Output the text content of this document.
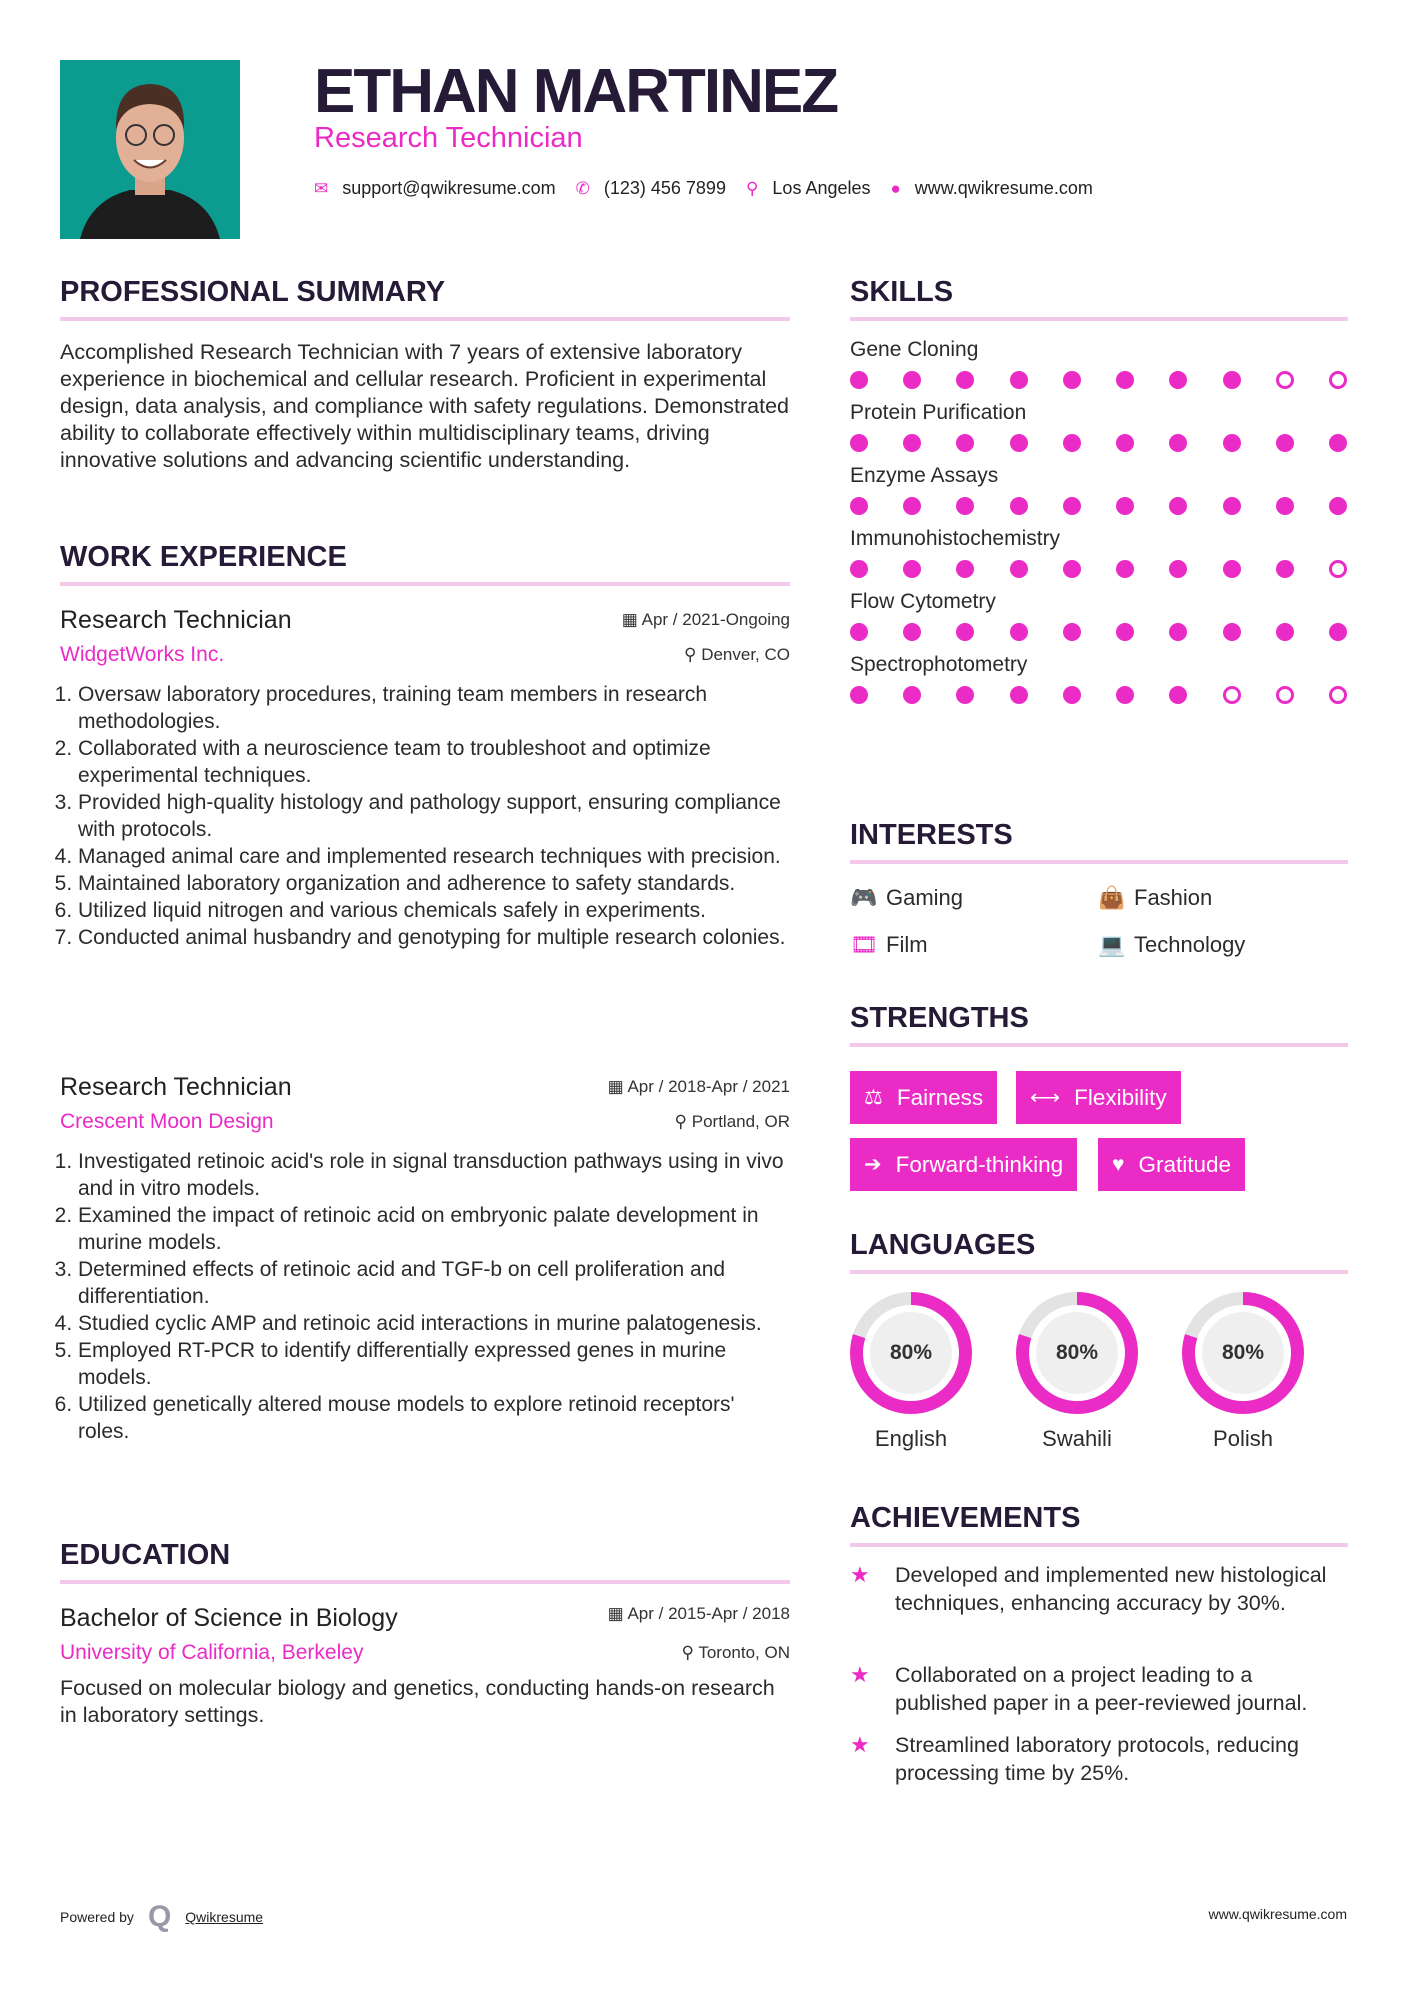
ETHAN MARTINEZ
Research Technician
✉ support@qwikresume.com ✆ (123) 456 7899 ⚲ Los Angeles ● www.qwikresume.com
PROFESSIONAL SUMMARY

Accomplished Research Technician with 7 years of extensive laboratory experience in biochemical and cellular research. Proficient in experimental design, data analysis, and compliance with safety regulations. Demonstrated ability to collaborate effectively within multidisciplinary teams, driving innovative solutions and advancing scientific understanding.

WORK EXPERIENCE
Research Technician	▦ Apr / 2021-Ongoing
WidgetWorks Inc.	⚲ Denver, CO
1. Oversaw laboratory procedures, training team members in research methodologies.
2. Collaborated with a neuroscience team to troubleshoot and optimize experimental techniques.
3. Provided high-quality histology and pathology support, ensuring compliance with protocols.
4. Managed animal care and implemented research techniques with precision.
5. Maintained laboratory organization and adherence to safety standards.
6. Utilized liquid nitrogen and various chemicals safely in experiments.
7. Conducted animal husbandry and genotyping for multiple research colonies.
Research Technician	▦ Apr / 2018-Apr / 2021
Crescent Moon Design	⚲ Portland, OR
1. Investigated retinoic acid's role in signal transduction pathways using in vivo and in vitro models.
2. Examined the impact of retinoic acid on embryonic palate development in murine models.
3. Determined effects of retinoic acid and TGF-b on cell proliferation and differentiation.
4. Studied cyclic AMP and retinoic acid interactions in murine palatogenesis.
5. Employed RT-PCR to identify differentially expressed genes in murine models.
6. Utilized genetically altered mouse models to explore retinoid receptors' roles.
EDUCATION
Bachelor of Science in Biology	▦ Apr / 2015-Apr / 2018
University of California, Berkeley	⚲ Toronto, ON

Focused on molecular biology and genetics, conducting hands-on research in laboratory settings.

SKILLS
Gene Cloning
Protein Purification
Enzyme Assays
Immunohistochemistry
Flow Cytometry
Spectrophotometry
INTERESTS
🎮 Gaming	👜 Fashion
🎞 Film	💻 Technology
STRENGTHS
⚖ Fairness ⟷ Flexibility
➔ Forward-thinking ♥ Gratitude
LANGUAGES
80%
English
80%
Swahili
80%
Polish
ACHIEVEMENTS
★	Developed and implemented new histological techniques, enhancing accuracy by 30%.
★	Collaborated on a project leading to a published paper in a peer-reviewed journal.
★	Streamlined laboratory protocols, reducing processing time by 25%.
Powered by Q Qwikresume	www.qwikresume.com
